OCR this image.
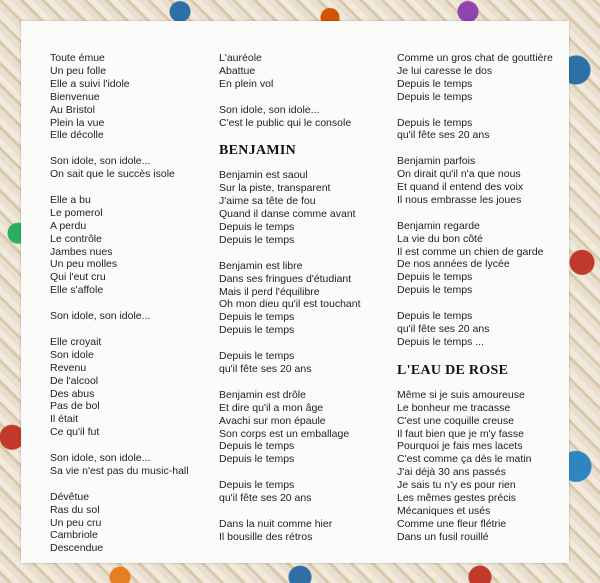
Toute émue
Un peu folle
Elle a suivi l'idole
Bienvenue
Au Bristol
Plein la vue
Elle décolle
Son idole, son idole...
On sait que le succès isole
Elle a bu
Le pomerol
A perdu
Le contrôle
Jambes nues
Un peu molles
Qui l'eut cru
Elle s'affole
Son idole, son idole...
Elle croyait
Son idole
Revenu
De l'alcool
Des abus
Pas de bol
Il était
Ce qu'il fut
Son idole, son idole...
Sa vie n'est pas du music-hall
Dévêtue
Ras du sol
Un peu cru
Cambriole
Descendue
L'auréole
Abattue
En plein vol
Son idole, son idole...
C'est le public qui le console
BENJAMIN
Benjamin est saoul
Sur la piste, transparent
J'aime sa tête de fou
Quand il danse comme avant
Depuis le temps
Depuis le temps
Benjamin est libre
Dans ses fringues d'étudiant
Mais il perd l'équilibre
Oh mon dieu qu'il est touchant
Depuis le temps
Depuis le temps
Depuis le temps
qu'il fête ses 20 ans
Benjamin est drôle
Et dire qu'il a mon âge
Avachi sur mon épaule
Son corps est un emballage
Depuis le temps
Depuis le temps
Depuis le temps
qu'il fête ses 20 ans
Dans la nuit comme hier
Il bousille des rétros
Comme un gros chat de gouttière
Je lui caresse le dos
Depuis le temps
Depuis le temps
Depuis le temps
qu'il fête ses 20 ans
Benjamin parfois
On dirait qu'il n'a que nous
Et quand il entend des voix
Il nous embrasse les joues
Benjamin regarde
La vie du bon côté
Il est comme un chien de garde
De nos années de lycée
Depuis le temps
Depuis le temps
Depuis le temps
qu'il fête ses 20 ans
Depuis le temps ...
L'EAU DE ROSE
Même si je suis amoureuse
Le bonheur me tracasse
C'est une coquille creuse
Il faut bien que je m'y fasse
Pourquoi je fais mes lacets
C'est comme ça dès le matin
J'ai déjà 30 ans passés
Je sais tu n'y es pour rien
Les mêmes gestes précis
Mécaniques et usés
Comme une fleur flétrie
Dans un fusil rouillé
